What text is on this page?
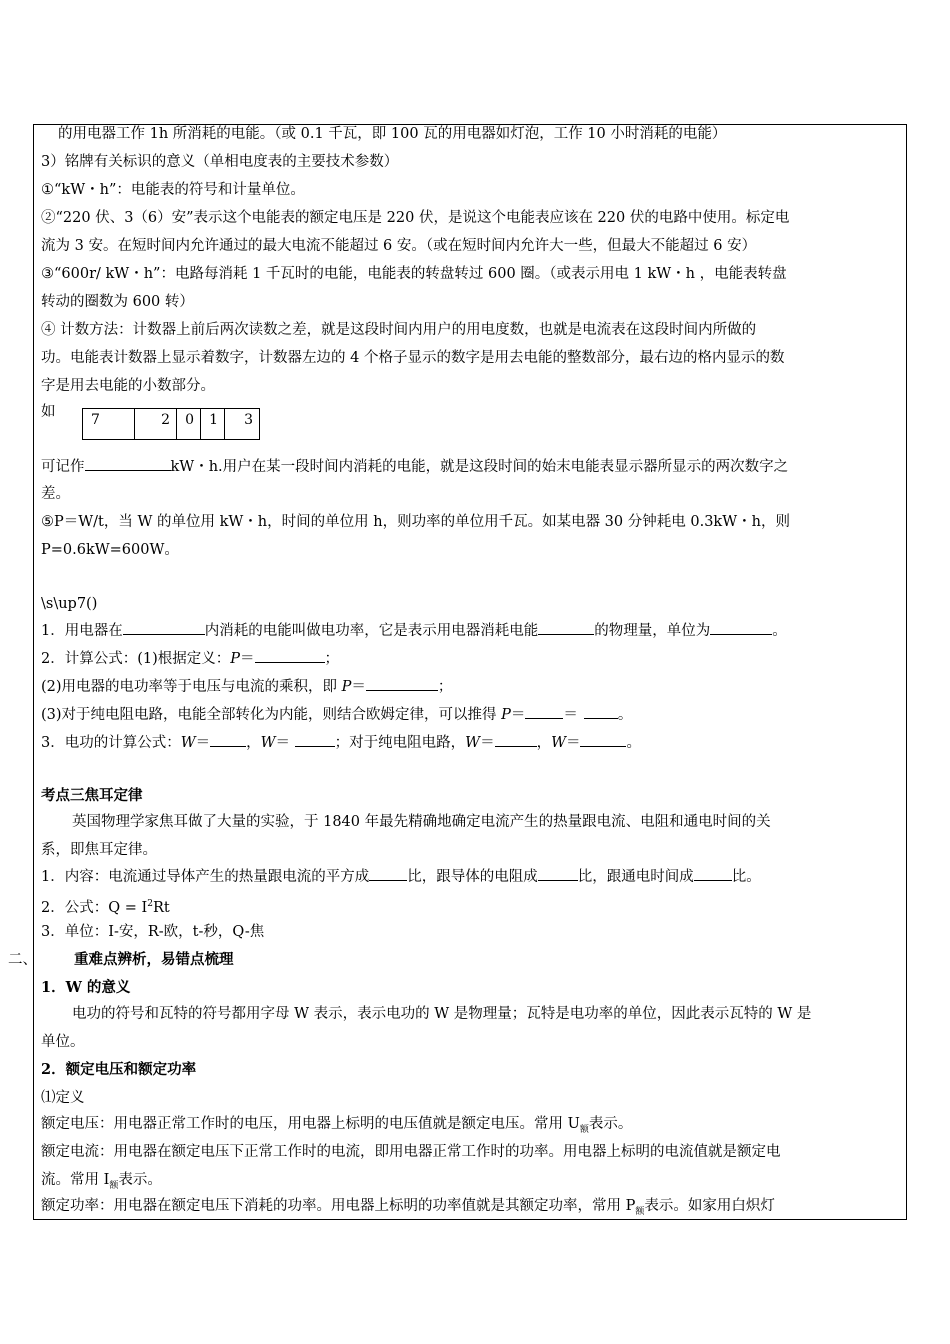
的用电器工作 1h 所消耗的电能。（或 0.1 千瓦，即 100 瓦的用电器如灯泡，工作 10 小时消耗的电能）
3）铭牌有关标识的意义（单相电度表的主要技术参数）
①“kW・h”：电能表的符号和计量单位。
②“220 伏、3（6）安”表示这个电能表的额定电压是 220 伏，是说这个电能表应该在 220 伏的电路中使用。标定电
流为 3 安。在短时间内允许通过的最大电流不能超过 6 安。（或在短时间内允许大一些，但最大不能超过 6 安）
③“600r/ kW・h”：电路每消耗 1 千瓦时的电能，电能表的转盘转过 600 圈。（或表示用电 1 kW・h ，电能表转盘
转动的圈数为 600 转）
④ 计数方法：计数器上前后两次读数之差，就是这段时间内用户的用电度数，也就是电流表在这段时间内所做的
功。电能表计数器上显示着数字，计数器左边的 4 个格子显示的数字是用去电能的整数部分，最右边的格内显示的数
字是用去电能的小数部分。
如	7	2	0	1	3
可记作	kW・h.用户在某一段时间内消耗的电能，就是这段时间的始末电能表显示器所显示的两次数字之
差。
⑤P＝W/t，当 W 的单位用 kW・h，时间的单位用 h，则功率的单位用千瓦。如某电器 30 分钟耗电 0.3kW・h，则
P=0.6kW=600W。
\s\up7()
1．用电器在	内消耗的电能叫做电功率，它是表示用电器消耗电能	的物理量，单位为	。
2．计算公式：(1)根据定义：P＝	；
(2)用电器的电功率等于电压与电流的乘积，即 P＝	；
(3)对于纯电阻电路，电能全部转化为内能，则结合欧姆定律，可以推得 P＝	＝	。
3．电功的计算公式：W＝ ，W＝	；对于纯电阻电路，W＝	，W＝	。
考点三焦耳定律
英国物理学家焦耳做了大量的实验，于 1840 年最先精确地确定电流产生的热量跟电流、电阻和通电时间的关
系，即焦耳定律。
1．内容：电流通过导体产生的热量跟电流的平方成	比，跟导体的电阻成	比，跟通电时间成	比。
2．公式：$Q = I^2Rt$
3．单位：I-安，R-欧，t-秒，Q-焦
二、	重难点辨析，易错点梳理
1．W 的意义
电功的符号和瓦特的符号都用字母 W 表示，表示电功的 W 是物理量；瓦特是电功率的单位，因此表示瓦特的 W 是
单位。
2．额定电压和额定功率
⑴定义
额定电压：用电器正常工作时的电压，用电器上标明的电压值就是额定电压。常用 $U_额$表示。
额定电流：用电器在额定电压下正常工作时的电流，即用电器正常工作时的功率。用电器上标明的电流值就是额定电
流。常用 $I_额$表示。
额定功率：用电器在额定电压下消耗的功率。用电器上标明的功率值就是其额定功率，常用 $P_额$表示。如家用白炽灯
